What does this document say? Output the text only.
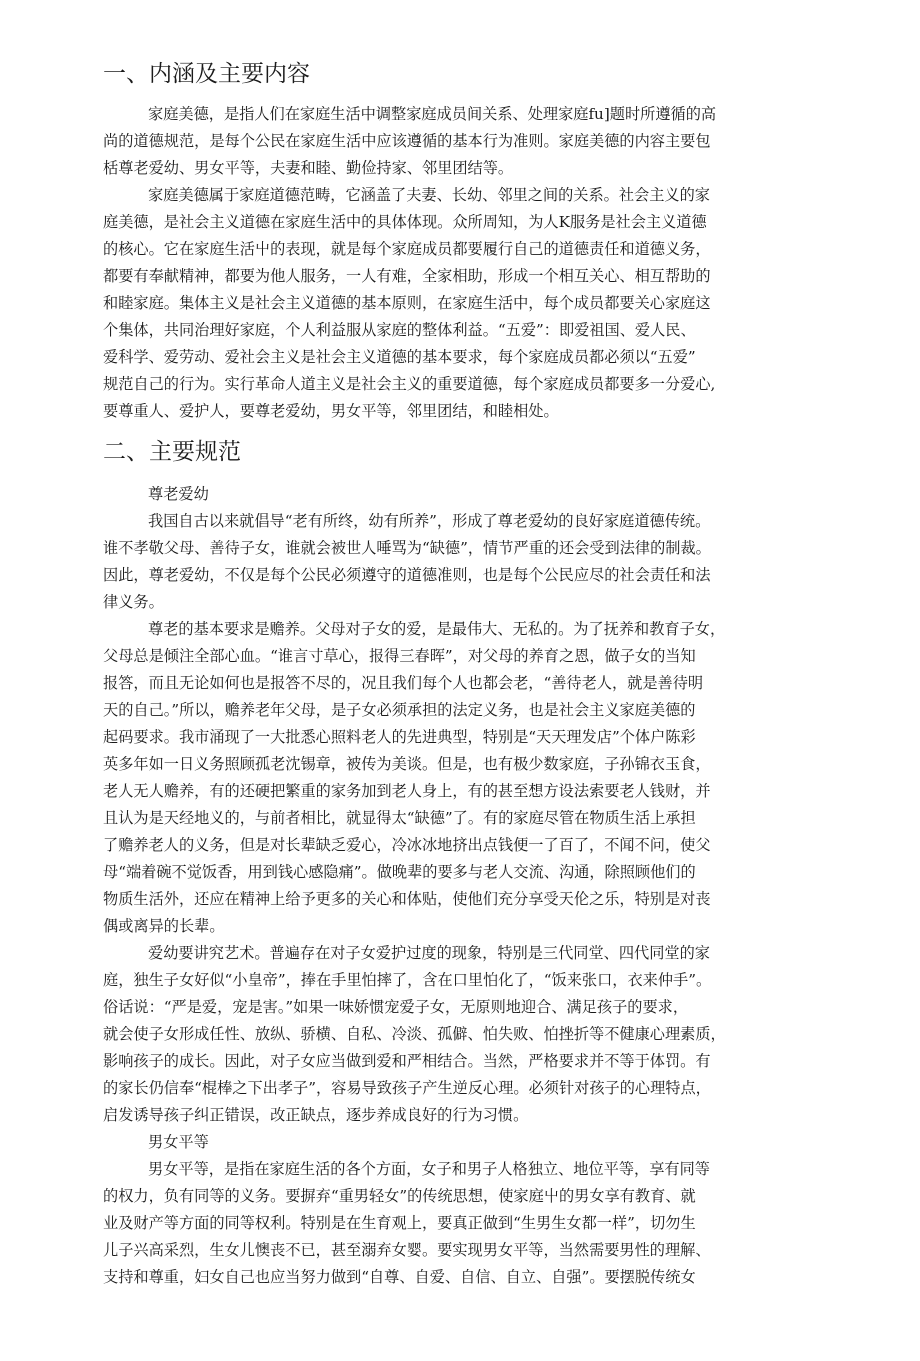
一、内涵及主要内容

家庭美德，是指人们在家庭生活中调整家庭成员间关系、处理家庭fu]题时所遵循的高

尚的道德规范，是每个公民在家庭生活中应该遵循的基本行为准则。家庭美德的内容主要包

栝尊老爱幼、男女平等，夫妻和睦、勤俭持家、邻里团结等。

家庭美德属于家庭道德范畴，它涵盖了夫妻、长幼、邻里之间的关系。社会主义的家

庭美德，是社会主义道德在家庭生活中的具体体现。众所周知，为人K服务是社会主义道德

的核心。它在家庭生活屮的表现，就是每个家庭成员都要履行自己的道德责任和道德义务，

都要有奉献精神，都要为他人服务，一人有难，全家相助，形成一个相互关心、相互帮助的

和睦家庭。集体主义是社会主义道德的基本原则，在家庭生活中，每个成员都要关心家庭这

个集体，共同治理好家庭，个人利益服从家庭的整体利益。“五爱”：即爱祖国、爱人民、

爱科学、爱劳动、爱社会主义是社会主义道德的基本要求，每个家庭成员都必须以“五爱”

规范自己的行为。实行革命人道主义是社会主义的重要道德，每个家庭成员都要多一分爱心,

要尊重人、爱护人，要尊老爱幼，男女平等，邻里团结，和睦相处。

二、主要规范

尊老爱幼

我国自古以来就倡导“老有所终，幼有所养”，形成了尊老爱幼的良好家庭道德传统。

谁不孝敬父母、善待子女，谁就会被世人唾骂为“缺德”，情节严重的还会受到法律的制裁。

因此，尊老爱幼，不仅是每个公民必须遵守的道德准则，也是每个公民应尽的社会责任和法

律义务。

尊老的基本要求是赡养。父母对子女的爱，是最伟大、无私的。为了抚养和教育子女，

父母总是倾注全部心血。“谁言寸草心，报得三春晖”，对父母的养育之恩，做子女的当知

报答，而且无论如何也是报答不尽的，况且我们每个人也都会老，“善待老人，就是善待明

天的自己。”所以，赡养老年父母，是子女必须承担的法定义务，也是社会主义家庭美德的

起码要求。我市涌现了一大批悉心照料老人的先进典型，特别是“天天理发店”个体户陈彩

英多年如一日义务照顾孤老沈锡章，被传为美谈。但是，也有极少数家庭，子孙锦衣玉食，

老人无人赡养，有的还硬把繁重的家务加到老人身上，有的甚至想方设法索要老人钱财，并

且认为是天经地义的，与前者相比，就显得太“缺德”了。有的家庭尽管在物质生活上承担

了赡养老人的义务，但是对长辈缺乏爱心，冷冰冰地挤出点钱便一了百了，不闻不问，使父

母“端着碗不觉饭香，用到钱心感隐痛”。做晚辈的要多与老人交流、沟通，除照顾他们的

物质生活外，还应在精神上给予更多的关心和体贴，使他们充分享受天伦之乐，特别是对丧

偶或离异的长辈。

爱幼要讲究艺术。普遍存在对子女爱护过度的现象，特别是三代同堂、四代同堂的家

庭，独生子女好似“小皇帝”，捧在手里怕摔了，含在口里怕化了，“饭来张口，衣来仲手”。

俗话说：“严是爱，宠是害。”如果一味娇惯宠爱子女，无原则地迎合、满足孩子的要求，

就会使子女形成任性、放纵、骄横、自私、冷淡、孤僻、怕失败、怕挫折等不健康心理素质，

影响孩子的成长。因此，对子女应当做到爱和严相结合。当然，严格要求并不等于体罚。有

的家长仍信奉“棍棒之下出孝子”，容易导致孩子产生逆反心理。必须针对孩子的心理特点，

启发诱导孩子纠正错误，改正缺点，逐步养成良好的行为习惯。

男女平等

男女平等，是指在家庭生活的各个方面，女子和男子人格独立、地位平等，享有同等

的权力，负有同等的义务。要摒弃“重男轻女”的传统思想，使家庭屮的男女享有教育、就

业及财产等方面的同等权利。特别是在生育观上，要真正做到“生男生女都一样”，切勿生

儿子兴高采烈，生女儿懊丧不已，甚至溺弃女婴。要实现男女平等，当然需要男性的理解、

支持和尊重，妇女自己也应当努力做到“自尊、自爱、自信、自立、自强”。要摆脱传统女
